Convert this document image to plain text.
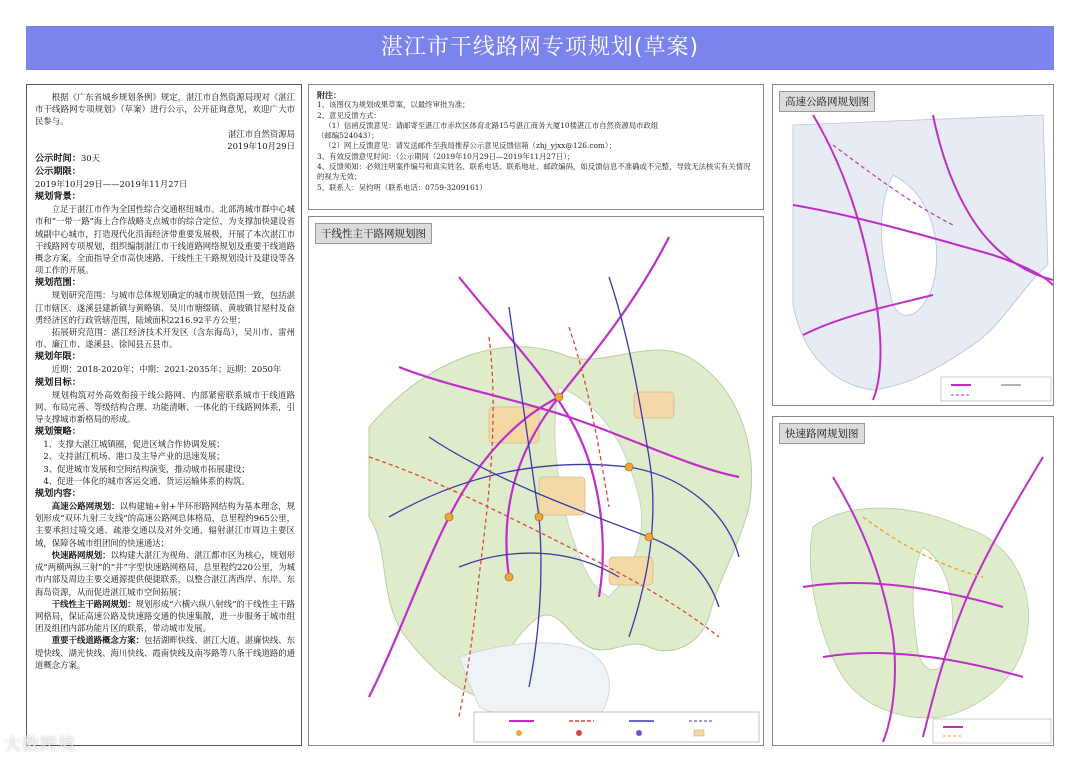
湛江市干线路网专项规划(草案)

根据《广东省城乡规划条例》规定，湛江市自然资源局现对《湛江市干线路网专项规划》（草案）进行公示，公开征询意见，欢迎广大市民参与。

湛江市自然资源局

2019年10月29日

公示时间：30天

公示期限：

2019年10月29日——2019年11月27日

规划背景：

立足于湛江市作为全国性综合交通枢纽城市、北部湾城市群中心城市和“一带一路”海上合作战略支点城市的综合定位，为支撑加快建设省域副中心城市，打造现代化沿海经济带重要发展极，开展了本次湛江市干线路网专项规划，组织编制湛江市干线道路网络规划及重要干线道路概念方案，全面指导全市高快速路、干线性主干路规划设计及建设等各项工作的开展。

规划范围：

规划研究范围：与城市总体规划确定的城市规划范围一致，包括湛江市辖区、遂溪县建新镇与黄略镇、吴川市塘缀镇、黄坡镇甘屋村及奋勇经济区的行政管辖范围，陆域面积2216.92平方公里；

拓展研究范围：湛江经济技术开发区（含东海岛），吴川市、雷州市、廉江市、遂溪县、徐闻县五县市。

规划年限：

近期：2018-2020年；中期：2021-2035年；远期：2050年

规划目标：

规划构筑对外高效衔接干线公路网、内部紧密联系城市干线道路网、布局完善、等级结构合理、功能清晰、一体化的干线路网体系，引导支撑城市新格局的形成。

规划策略：

1、支撑大湛江城镇圈，促进区域合作协调发展；

2、支持湛江机场、港口及主导产业的迅速发展；

3、促进城市发展和空间结构演变，推动城市拓展建设；

4、促进一体化的城市客运交通、货运运输体系的构筑。

规划内容：

高速公路网规划：以构建轴+射+半环形路网结构为基本理念，规划形成“双环九射三支线”的高速公路网总体格局，总里程约965公里，主要承担过境交通、疏港交通以及对外交通，辐射湛江市周边主要区域，保障各城市组团间的快速通达；

快速路网规划：以构建大湛江为视角、湛江都市区为核心，规划形成“两横两纵三射”的“井”字型快速路网格局，总里程约220公里，为城市内部及周边主要交通源提供便捷联系，以整合湛江湾西岸、东岸、东海岛资源，从而促进湛江城市空间拓展；

干线性主干路网规划：规划形成“六横六纵八射线”的干线性主干路网格局，保证高速公路及快速路交通的快速集散，进一步服务于城市组团及组团内部功能片区的联系，带动城市发展。

重要干线道路概念方案：包括湖畔快线、湛江大道、湛廉快线、东堤快线、湖光快线、海川快线、霞南快线及南岑路等八条干线道路的通道概念方案。

附注：

1、该图仅为规划成果草案，以最终审批为准；

2、意见反馈方式：

（1）信函反馈意见：请邮寄至湛江市赤坎区体育北路15号湛江商务大厦10楼湛江市自然资源局市政组

（邮编524043）；

（2）网上反馈意见：请发送邮件至我局推荐公示意见反馈信箱（zhj_yjxx@126.com）；

3、有效反馈意见时间：（公示期间（2019年10月29日—2019年11月27日）；

4、反馈须知：必须注明案件编号和真实姓名、联系电话、联系地址、邮政编码，如反馈信息不准确或不完整，导致无法核实有关情况的视为无效；

5、联系人：吴钧明（联系电话：0759-3209161）

干线性主干路网规划图
高速公路网规划图
快速路网规划图
大数跨境
